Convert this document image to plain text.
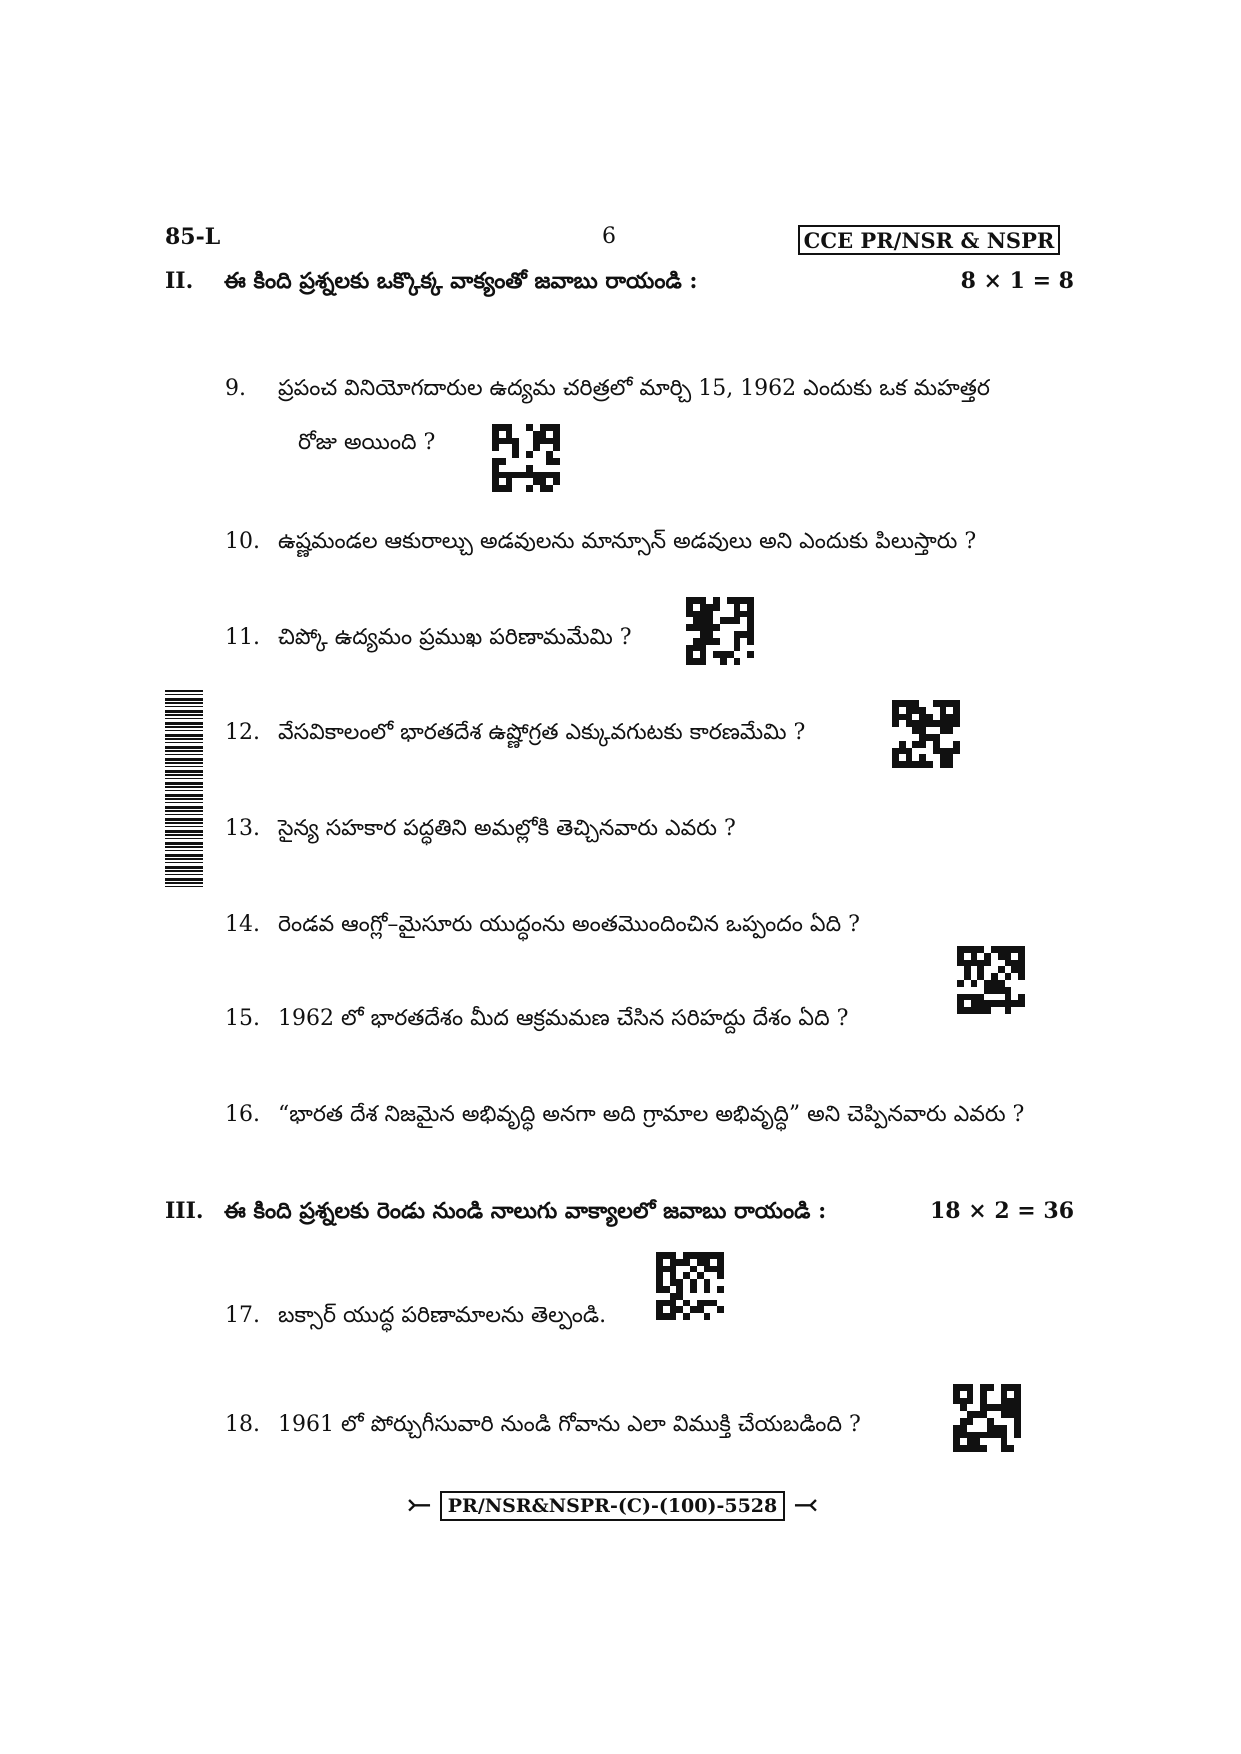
85-L	6	CCE PR/NSR & NSPR
II. ఈ కింది ప్రశ్నలకు ఒక్కొక్క వాక్యంతో జవాబు రాయండి :	8 × 1 = 8
9. ప్రపంచ వినియోగదారుల ఉద్యమ చరిత్రలో మార్చి 15, 1962 ఎందుకు ఒక మహత్తర
రోజు అయింది ?
10. ఉష్ణమండల ఆకురాల్చు అడవులను మాన్సూన్ అడవులు అని ఎందుకు పిలుస్తారు ?
11. చిప్కో ఉద్యమం ప్రముఖ పరిణామమేమి ?
12. వేసవికాలంలో భారతదేశ ఉష్ణోగ్రత ఎక్కువగుటకు కారణమేమి ?
13. సైన్య సహకార పద్ధతిని అమల్లోకి తెచ్చినవారు ఎవరు ?
14. రెండవ ఆంగ్లో–మైసూరు యుద్ధంను అంతమొందించిన ఒప్పందం ఏది ?
15. 1962 లో భారతదేశం మీద ఆక్రమమణ చేసిన సరిహద్దు దేశం ఏది ?
16. “భారత దేశ నిజమైన అభివృద్ధి అనగా అది గ్రామాల అభివృద్ధి” అని చెప్పినవారు ఎవరు ?
III. ఈ కింది ప్రశ్నలకు రెండు నుండి నాలుగు వాక్యాలలో జవాబు రాయండి :	18 × 2 = 36
17. బక్సార్ యుద్ధ పరిణామాలను తెల్పండి.
18. 1961 లో పోర్చుగీసువారి నుండి గోవాను ఎలా విముక్తి చేయబడింది ?
⤚ PR/NSR&NSPR-(C)-(100)-5528 ⤙
